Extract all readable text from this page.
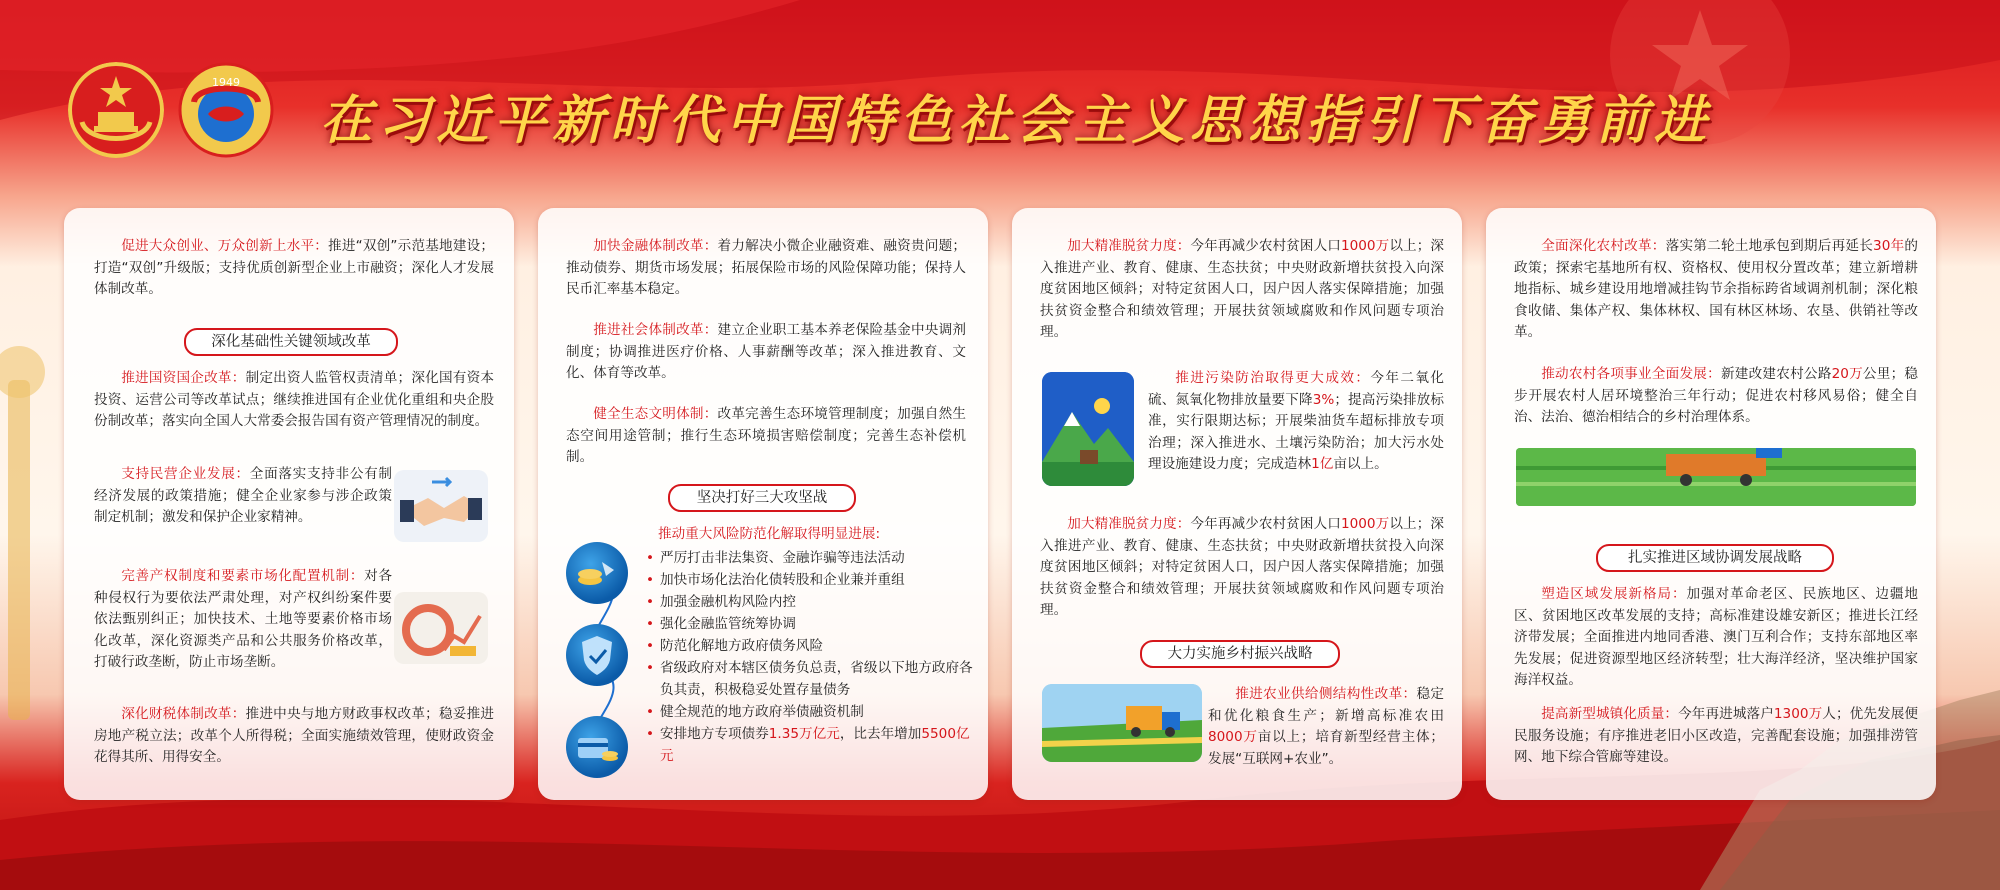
1949
在习近平新时代中国特色社会主义思想指引下奋勇前进
促进大众创业、万众创新上水平：推进“双创”示范基地建设；打造“双创”升级版；支持优质创新型企业上市融资；深化人才发展体制改革。
深化基础性关键领域改革
推进国资国企改革：制定出资人监管权责清单；深化国有资本投资、运营公司等改革试点；继续推进国有企业优化重组和央企股份制改革；落实向全国人大常委会报告国有资产管理情况的制度。
支持民营企业发展：全面落实支持非公有制经济发展的政策措施；健全企业家参与涉企政策制定机制；激发和保护企业家精神。
完善产权制度和要素市场化配置机制：对各种侵权行为要依法严肃处理，对产权纠纷案件要依法甄别纠正；加快技术、土地等要素价格市场化改革，深化资源类产品和公共服务价格改革，打破行政垄断，防止市场垄断。
深化财税体制改革：推进中央与地方财政事权改革；稳妥推进房地产税立法；改革个人所得税；全面实施绩效管理，使财政资金花得其所、用得安全。
加快金融体制改革：着力解决小微企业融资难、融资贵问题；推动债券、期货市场发展；拓展保险市场的风险保障功能；保持人民币汇率基本稳定。
推进社会体制改革：建立企业职工基本养老保险基金中央调剂制度；协调推进医疗价格、人事薪酬等改革；深入推进教育、文化、体育等改革。
健全生态文明体制：改革完善生态环境管理制度；加强自然生态空间用途管制；推行生态环境损害赔偿制度；完善生态补偿机制。
坚决打好三大攻坚战
推动重大风险防范化解取得明显进展:
• 严厉打击非法集资、金融诈骗等违法活动
• 加快市场化法治化债转股和企业兼并重组
• 加强金融机构风险内控
• 强化金融监管统筹协调
• 防范化解地方政府债务风险
• 省级政府对本辖区债务负总责，省级以下地方政府各负其责，积极稳妥处置存量债务
• 健全规范的地方政府举债融资机制
• 安排地方专项债券1.35万亿元，比去年增加5500亿元
加大精准脱贫力度：今年再减少农村贫困人口1000万以上；深入推进产业、教育、健康、生态扶贫；中央财政新增扶贫投入向深度贫困地区倾斜；对特定贫困人口，因户因人落实保障措施；加强扶贫资金整合和绩效管理；开展扶贫领域腐败和作风问题专项治理。
推进污染防治取得更大成效：今年二氧化硫、氮氧化物排放量要下降3%；提高污染排放标准，实行限期达标；开展柴油货车超标排放专项治理；深入推进水、土壤污染防治；加大污水处理设施建设力度；完成造林1亿亩以上。
加大精准脱贫力度：今年再减少农村贫困人口1000万以上；深入推进产业、教育、健康、生态扶贫；中央财政新增扶贫投入向深度贫困地区倾斜；对特定贫困人口，因户因人落实保障措施；加强扶贫资金整合和绩效管理；开展扶贫领域腐败和作风问题专项治理。
大力实施乡村振兴战略
推进农业供给侧结构性改革：稳定和优化粮食生产；新增高标准农田8000万亩以上；培育新型经营主体；发展“互联网+农业”。
全面深化农村改革：落实第二轮土地承包到期后再延长30年的政策；探索宅基地所有权、资格权、使用权分置改革；建立新增耕地指标、城乡建设用地增减挂钩节余指标跨省域调剂机制；深化粮食收储、集体产权、集体林权、国有林区林场、农垦、供销社等改革。
推动农村各项事业全面发展：新建改建农村公路20万公里；稳步开展农村人居环境整治三年行动；促进农村移风易俗；健全自治、法治、德治相结合的乡村治理体系。
扎实推进区域协调发展战略
塑造区域发展新格局：加强对革命老区、民族地区、边疆地区、贫困地区改革发展的支持；高标准建设雄安新区；推进长江经济带发展；全面推进内地同香港、澳门互利合作；支持东部地区率先发展；促进资源型地区经济转型；壮大海洋经济，坚决维护国家海洋权益。
提高新型城镇化质量：今年再进城落户1300万人；优先发展便民服务设施；有序推进老旧小区改造，完善配套设施；加强排涝管网、地下综合管廊等建设。
